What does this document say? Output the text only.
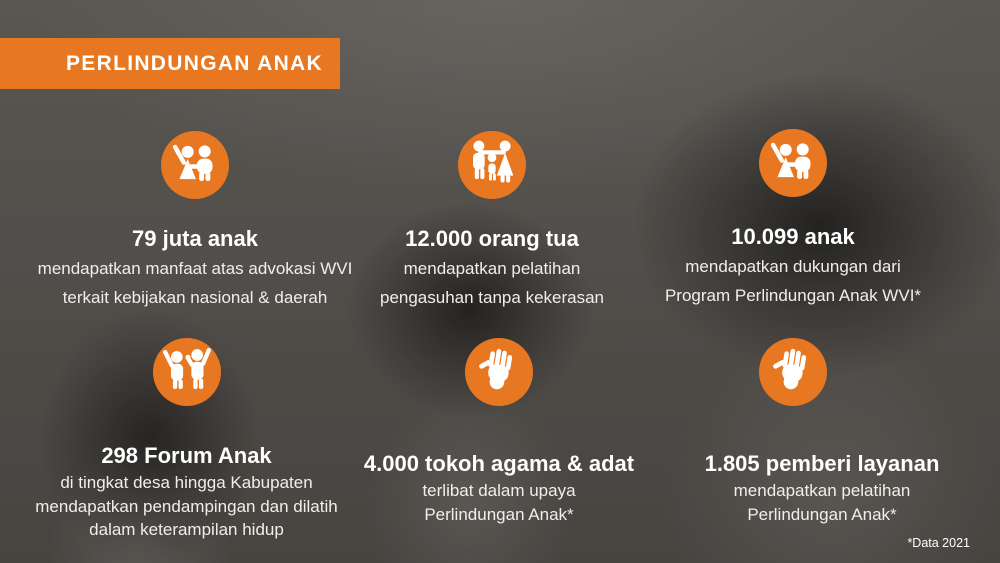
PERLINDUNGAN ANAK
79 juta anak
mendapatkan manfaat atas advokasi WVI
terkait kebijakan nasional & daerah
12.000 orang tua
mendapatkan pelatihan
pengasuhan tanpa kekerasan
10.099 anak
mendapatkan dukungan dari
Program Perlindungan Anak WVI*
298 Forum Anak
di tingkat desa hingga Kabupaten
mendapatkan pendampingan dan dilatih
dalam keterampilan hidup
4.000 tokoh agama & adat
terlibat dalam upaya
Perlindungan Anak*
1.805 pemberi layanan
mendapatkan pelatihan
Perlindungan Anak*
*Data 2021
